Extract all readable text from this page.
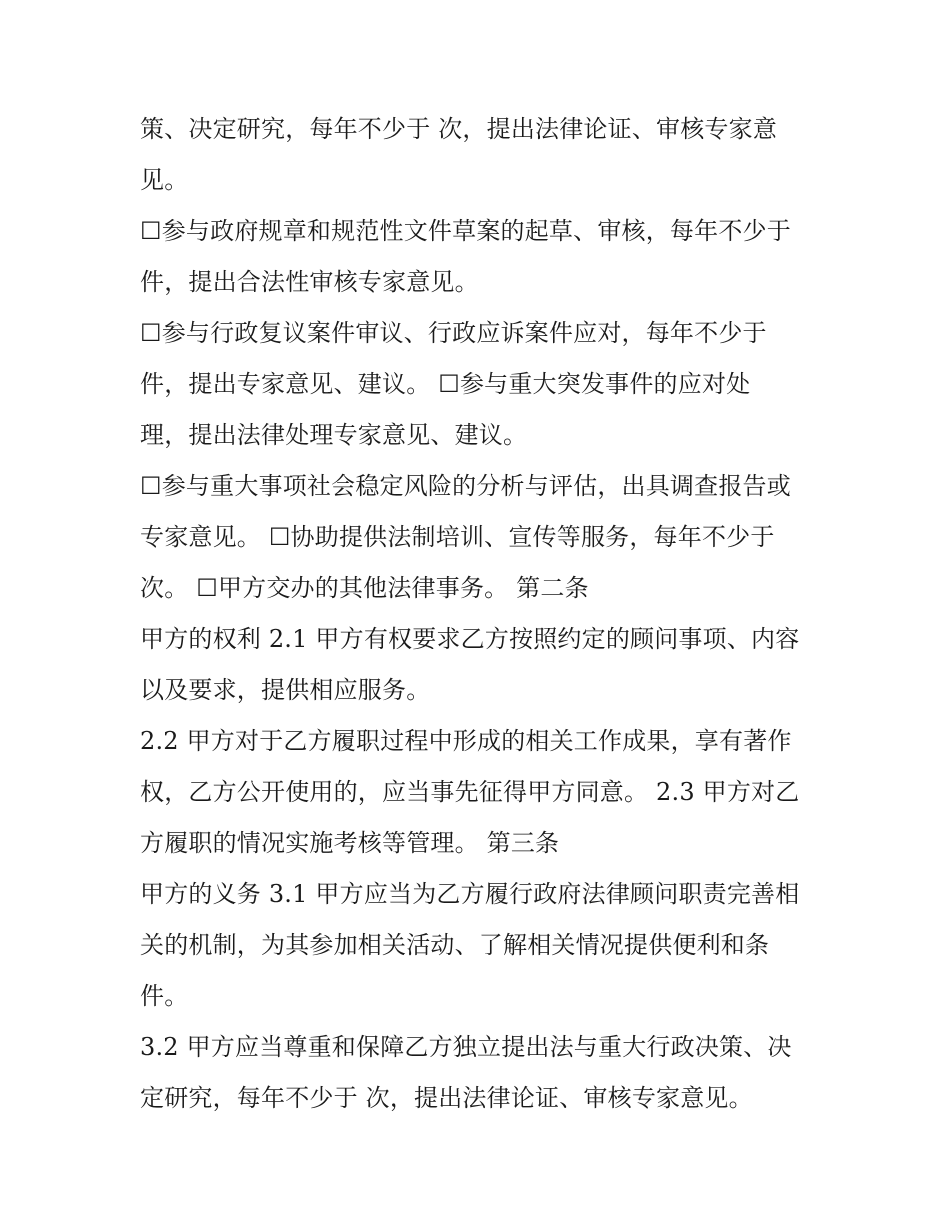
策、决定研究，每年不少于 次，提出法律论证、审核专家意
见。
☐参与政府规章和规范性文件草案的起草、审核，每年不少于
件，提出合法性审核专家意见。
☐参与行政复议案件审议、行政应诉案件应对，每年不少于
件，提出专家意见、建议。 ☐参与重大突发事件的应对处
理，提出法律处理专家意见、建议。
☐参与重大事项社会稳定风险的分析与评估，出具调查报告或
专家意见。 ☐协助提供法制培训、宣传等服务，每年不少于
次。 ☐甲方交办的其他法律事务。 第二条
甲方的权利 2.1 甲方有权要求乙方按照约定的顾问事项、内容
以及要求，提供相应服务。
2.2 甲方对于乙方履职过程中形成的相关工作成果，享有著作
权，乙方公开使用的，应当事先征得甲方同意。 2.3 甲方对乙
方履职的情况实施考核等管理。 第三条
甲方的义务 3.1 甲方应当为乙方履行政府法律顾问职责完善相
关的机制，为其参加相关活动、了解相关情况提供便利和条
件。
3.2 甲方应当尊重和保障乙方独立提出法与重大行政决策、决
定研究，每年不少于 次，提出法律论证、审核专家意见。
